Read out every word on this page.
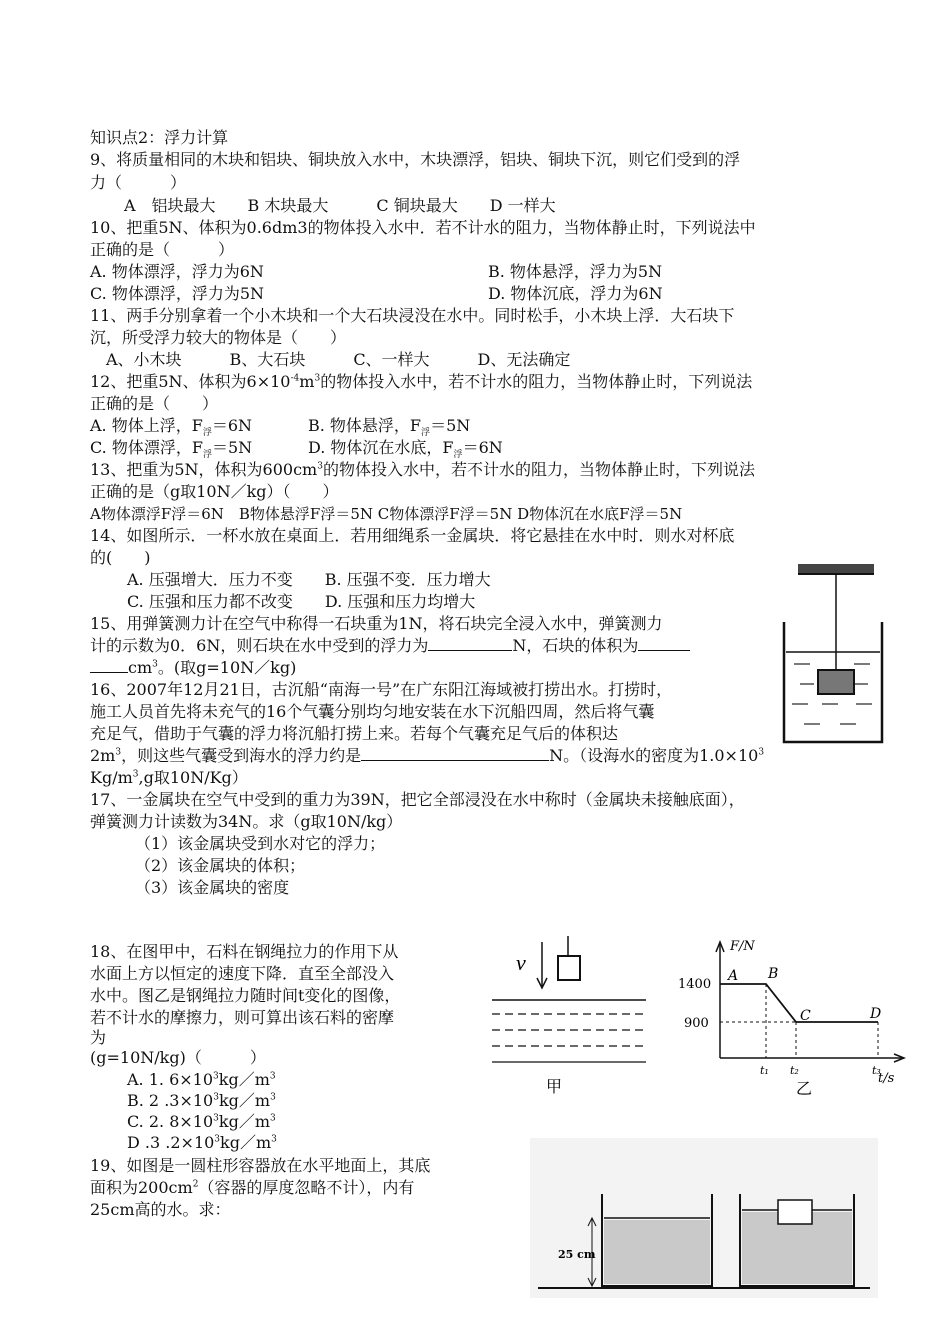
知识点2：浮力计算
9、将质量相同的木块和铝块、铜块放入水中，木块漂浮，铝块、铜块下沉，则它们受到的浮
力（　　　）
A　铝块最大　　B 木块最大　　　C 铜块最大　　D 一样大
10、把重5N、体积为0.6dm3的物体投入水中．若不计水的阻力，当物体静止时，下列说法中
正确的是（　　　）
A. 物体漂浮，浮力为6N	B. 物体悬浮，浮力为5N
C. 物体漂浮，浮力为5N	D. 物体沉底，浮力为6N
11、两手分别拿着一个小木块和一个大石块浸没在水中。同时松手，小木块上浮．大石块下
沉，所受浮力较大的物体是（　　）
A、小木块　　　B、大石块　　　C、一样大　　　D、无法确定
12、把重5N、体积为$6\times 10^{-4}m^3$的物体投入水中，若不计水的阻力，当物体静止时，下列说法
正确的是（　　）
A. 物体上浮，$F_浮=6N$	B. 物体悬浮，$F_浮=5N$
C. 物体漂浮，$F_浮=5N$	D. 物体沉在水底，$F_浮=6N$
13、把重为5N，体积为$600cm^3$的物体投入水中，若不计水的阻力，当物体静止时，下列说法
正确的是（g取10N／kg）（　　）
A物体漂浮F浮＝6N　B物体悬浮F浮＝5N C物体漂浮F浮＝5N D物体沉在水底F浮＝5N
14、如图所示．一杯水放在桌面上．若用细绳系一金属块．将它悬挂在水中时．则水对杯底
的(　　)
A. 压强增大．压力不变　　B. 压强不变．压力增大
C. 压强和压力都不改变　　D. 压强和压力均增大
15、用弹簧测力计在空气中称得一石块重为1N，将石块完全浸入水中，弹簧测力
计的示数为0．6N，则石块在水中受到的浮力为	N，石块的体积为
$cm^3$。(取g=10N／kg)
16、2007年12月21日，古沉船“南海一号”在广东阳江海域被打捞出水。打捞时，
施工人员首先将未充气的16个气囊分别均匀地安装在水下沉船四周，然后将气囊
充足气，借助于气囊的浮力将沉船打捞上来。若每个气囊充足气后的体积达
$2m^3$，则这些气囊受到海水的浮力约是	N。（设海水的密度为$1.0\times 10^3$
$Kg/m^3,g$取10N/Kg）
17、一金属块在空气中受到的重力为39N，把它全部浸没在水中称时（金属块未接触底面），
弹簧测力计读数为34N。求（g取10N/kg）
（1）该金属块受到水对它的浮力；
（2）该金属块的体积；
（3）该金属块的密度
18、在图甲中，石料在钢绳拉力的作用下从
水面上方以恒定的速度下降．直至全部没入
水中。图乙是钢绳拉力随时间t变化的图像，
若不计水的摩擦力，则可算出该石料的密摩
为
(g=10N/kg)（　　　）
A. 1. $6\times 10^3kg/m^3$
B. 2 $.3\times 10^3kg/m^3$
C. 2. $8\times 10^3kg/m^3$
D .3 $.2\times 10^3kg/m^3$
19、如图是一圆柱形容器放在水平地面上，其底
面积为$200cm^2$（容器的厚度忽略不计），内有
25cm高的水。求：
v
甲
F/N
t/s
1400
900
A B
C	D
t₁ t₂	t₃
乙
25 cm
